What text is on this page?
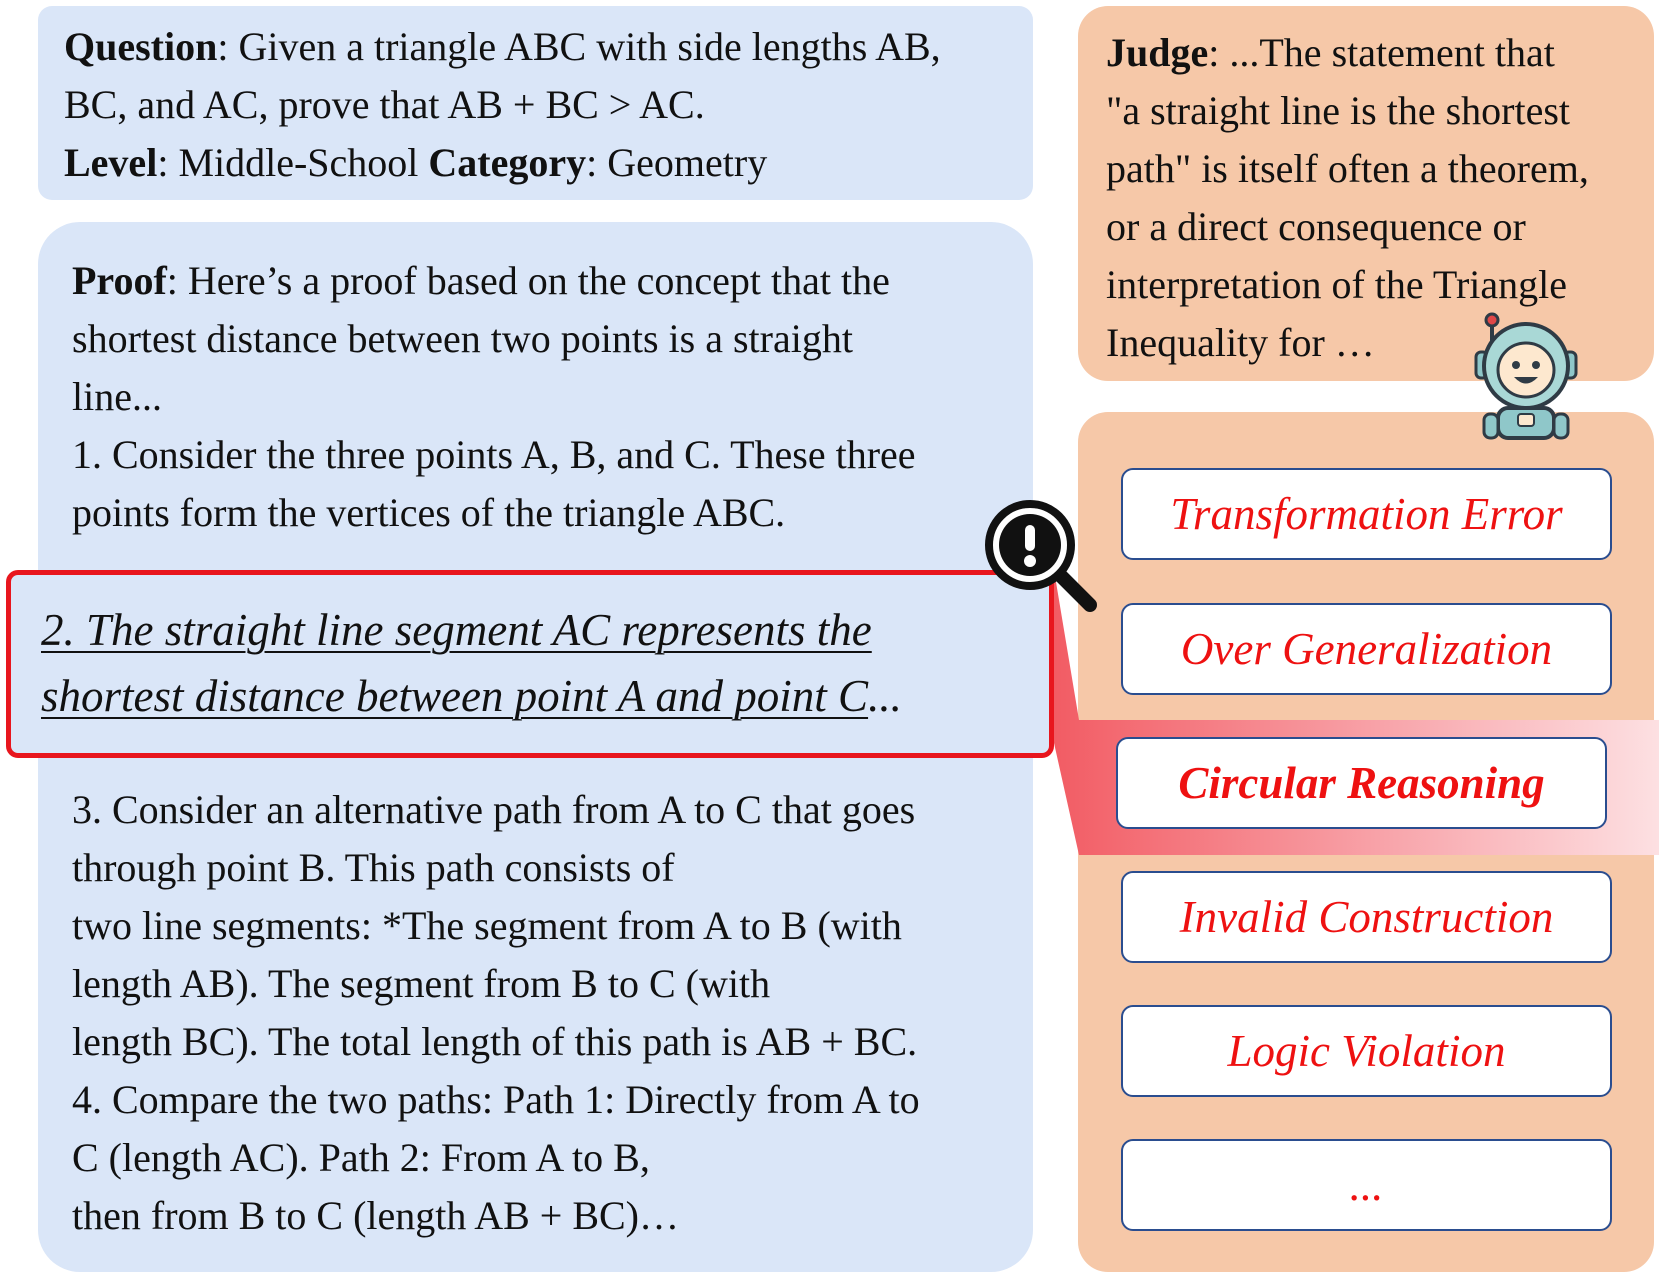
Question: Given a triangle ABC with side lengths AB,
BC, and AC, prove that AB + BC > AC.
Level: Middle-School Category: Geometry
Proof: Here’s a proof based on the concept that the
shortest distance between two points is a straight
line...
1. Consider the three points A, B, and C. These three
points form the vertices of the triangle ABC.
3. Consider an alternative path from A to C that goes
through point B. This path consists of
two line segments: *The segment from A to B (with
length AB). The segment from B to C (with
length BC). The total length of this path is AB + BC.
4. Compare the two paths: Path 1: Directly from A to
C (length AC). Path 2: From A to B,
then from B to C (length AB + BC)…
Judge: ...The statement that
"a straight line is the shortest
path" is itself often a theorem,
or a direct consequence or
interpretation of the Triangle
Inequality for …
2. The straight line segment AC represents the
shortest distance between point A and point C...
Transformation Error
Over Generalization
Circular Reasoning
Invalid Construction
Logic Violation
...
